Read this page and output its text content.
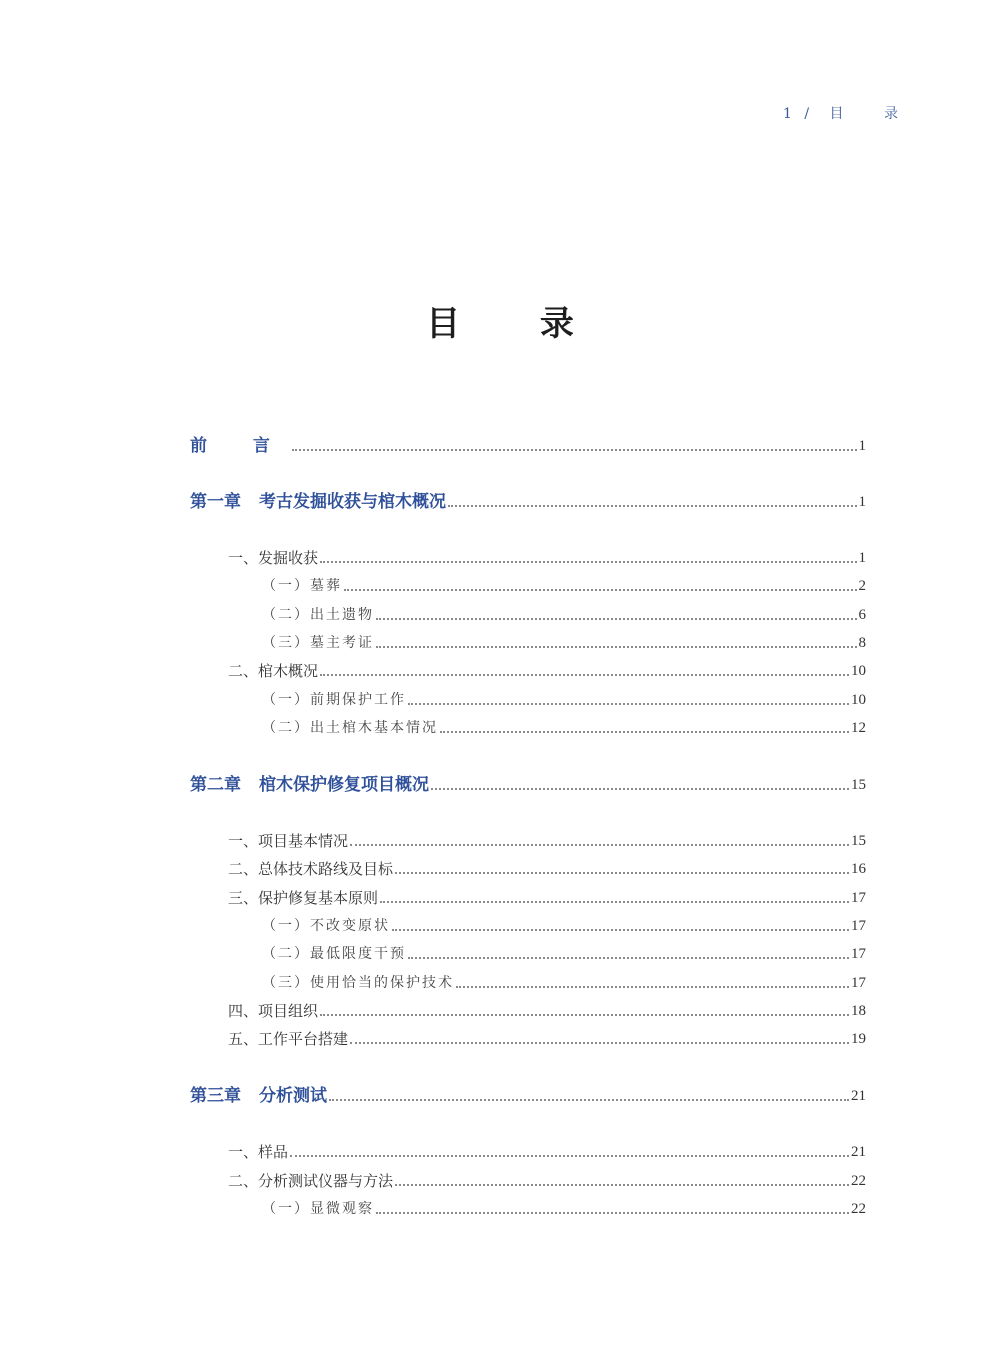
1 / 目 录
目 录
前 言	1
第一章 考古发掘收获与棺木概况	1
一、发掘收获	1
（一）墓葬	2
（二）出土遗物	6
（三）墓主考证	8
二、棺木概况	10
（一）前期保护工作	10
（二）出土棺木基本情况	12
第二章 棺木保护修复项目概况	15
一、项目基本情况	15
二、总体技术路线及目标	16
三、保护修复基本原则	17
（一）不改变原状	17
（二）最低限度干预	17
（三）使用恰当的保护技术	17
四、项目组织	18
五、工作平台搭建	19
第三章 分析测试	21
一、样品	21
二、分析测试仪器与方法	22
（一）显微观察	22
